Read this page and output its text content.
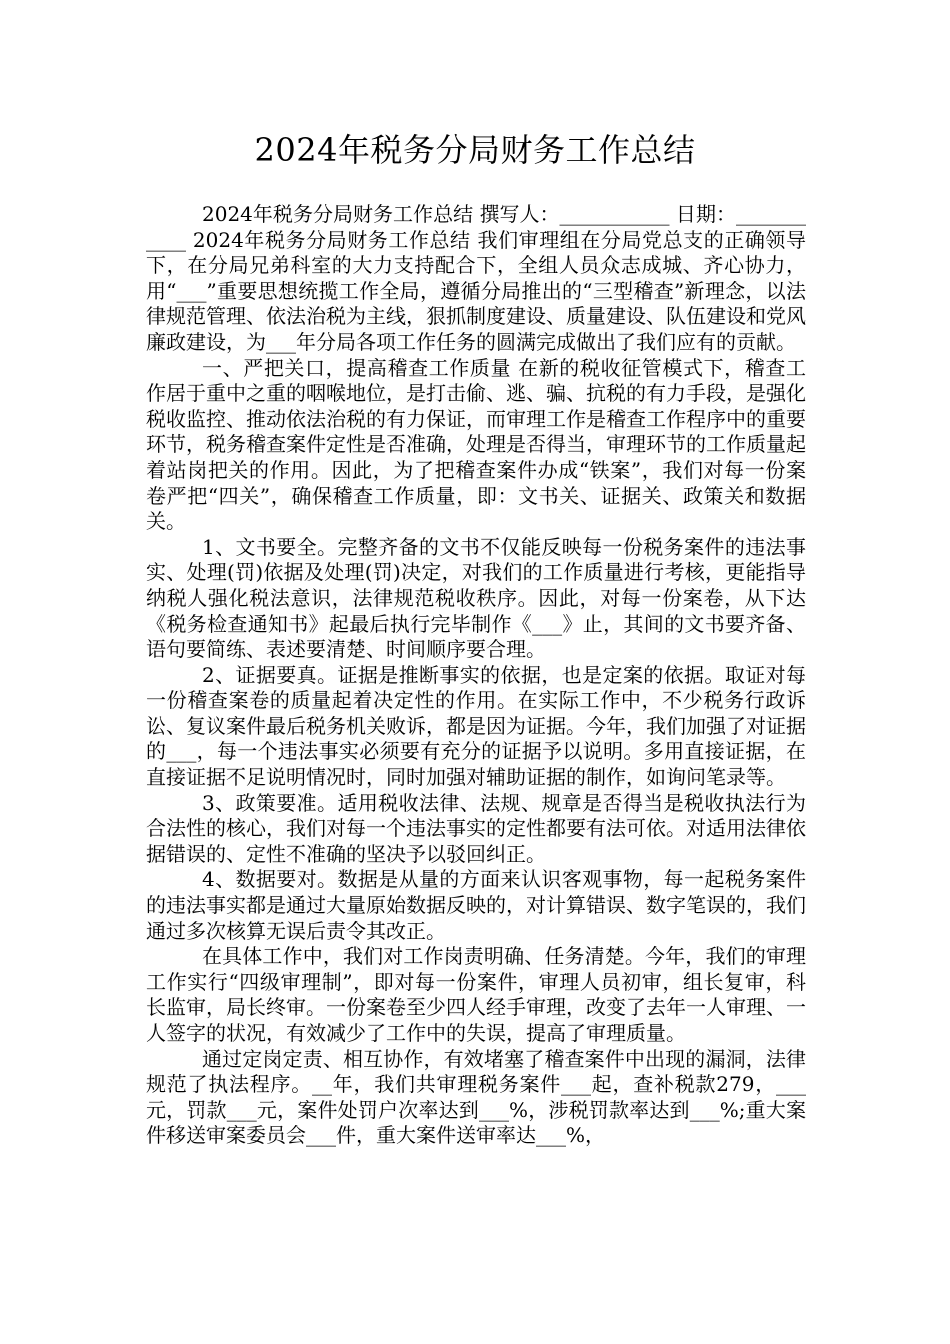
2024年税务分局财务工作总结

2024年税务分局财务工作总结 撰写人：___________ 日期：___________ 2024年税务分局财务工作总结 我们审理组在分局党总支的正确领导下，在分局兄弟科室的大力支持配合下，全组人员众志成城、齐心协力，用“___”重要思想统揽工作全局，遵循分局推出的“三型稽查”新理念，以法律规范管理、依法治税为主线，狠抓制度建设、质量建设、队伍建设和党风廉政建设，为___年分局各项工作任务的圆满完成做出了我们应有的贡献。

一、严把关口，提高稽查工作质量 在新的税收征管模式下，稽查工作居于重中之重的咽喉地位，是打击偷、逃、骗、抗税的有力手段，是强化税收监控、推动依法治税的有力保证，而审理工作是稽查工作程序中的重要环节，税务稽查案件定性是否准确，处理是否得当，审理环节的工作质量起着站岗把关的作用。因此，为了把稽查案件办成“铁案”，我们对每一份案卷严把“四关”，确保稽查工作质量，即：文书关、证据关、政策关和数据关。

1、文书要全。完整齐备的文书不仅能反映每一份税务案件的违法事实、处理(罚)依据及处理(罚)决定，对我们的工作质量进行考核，更能指导纳税人强化税法意识，法律规范税收秩序。因此，对每一份案卷，从下达《税务检查通知书》起最后执行完毕制作《___》止，其间的文书要齐备、语句要简练、表述要清楚、时间顺序要合理。

2、证据要真。证据是推断事实的依据，也是定案的依据。取证对每一份稽查案卷的质量起着决定性的作用。在实际工作中，不少税务行政诉讼、复议案件最后税务机关败诉，都是因为证据。今年，我们加强了对证据的___，每一个违法事实必须要有充分的证据予以说明。多用直接证据，在直接证据不足说明情况时，同时加强对辅助证据的制作，如询问笔录等。

3、政策要准。适用税收法律、法规、规章是否得当是税收执法行为合法性的核心，我们对每一个违法事实的定性都要有法可依。对适用法律依据错误的、定性不准确的坚决予以驳回纠正。

4、数据要对。数据是从量的方面来认识客观事物，每一起税务案件的违法事实都是通过大量原始数据反映的，对计算错误、数字笔误的，我们通过多次核算无误后责令其改正。

在具体工作中，我们对工作岗责明确、任务清楚。今年，我们的审理工作实行“四级审理制”，即对每一份案件，审理人员初审，组长复审，科长监审，局长终审。一份案卷至少四人经手审理，改变了去年一人审理、一人签字的状况，有效减少了工作中的失误，提高了审理质量。

通过定岗定责、相互协作，有效堵塞了稽查案件中出现的漏洞，法律规范了执法程序。__年，我们共审理税务案件___起，查补税款279，___元，罚款___元，案件处罚户次率达到___%，涉税罚款率达到___%;重大案件移送审案委员会___件，重大案件送审率达___%，
